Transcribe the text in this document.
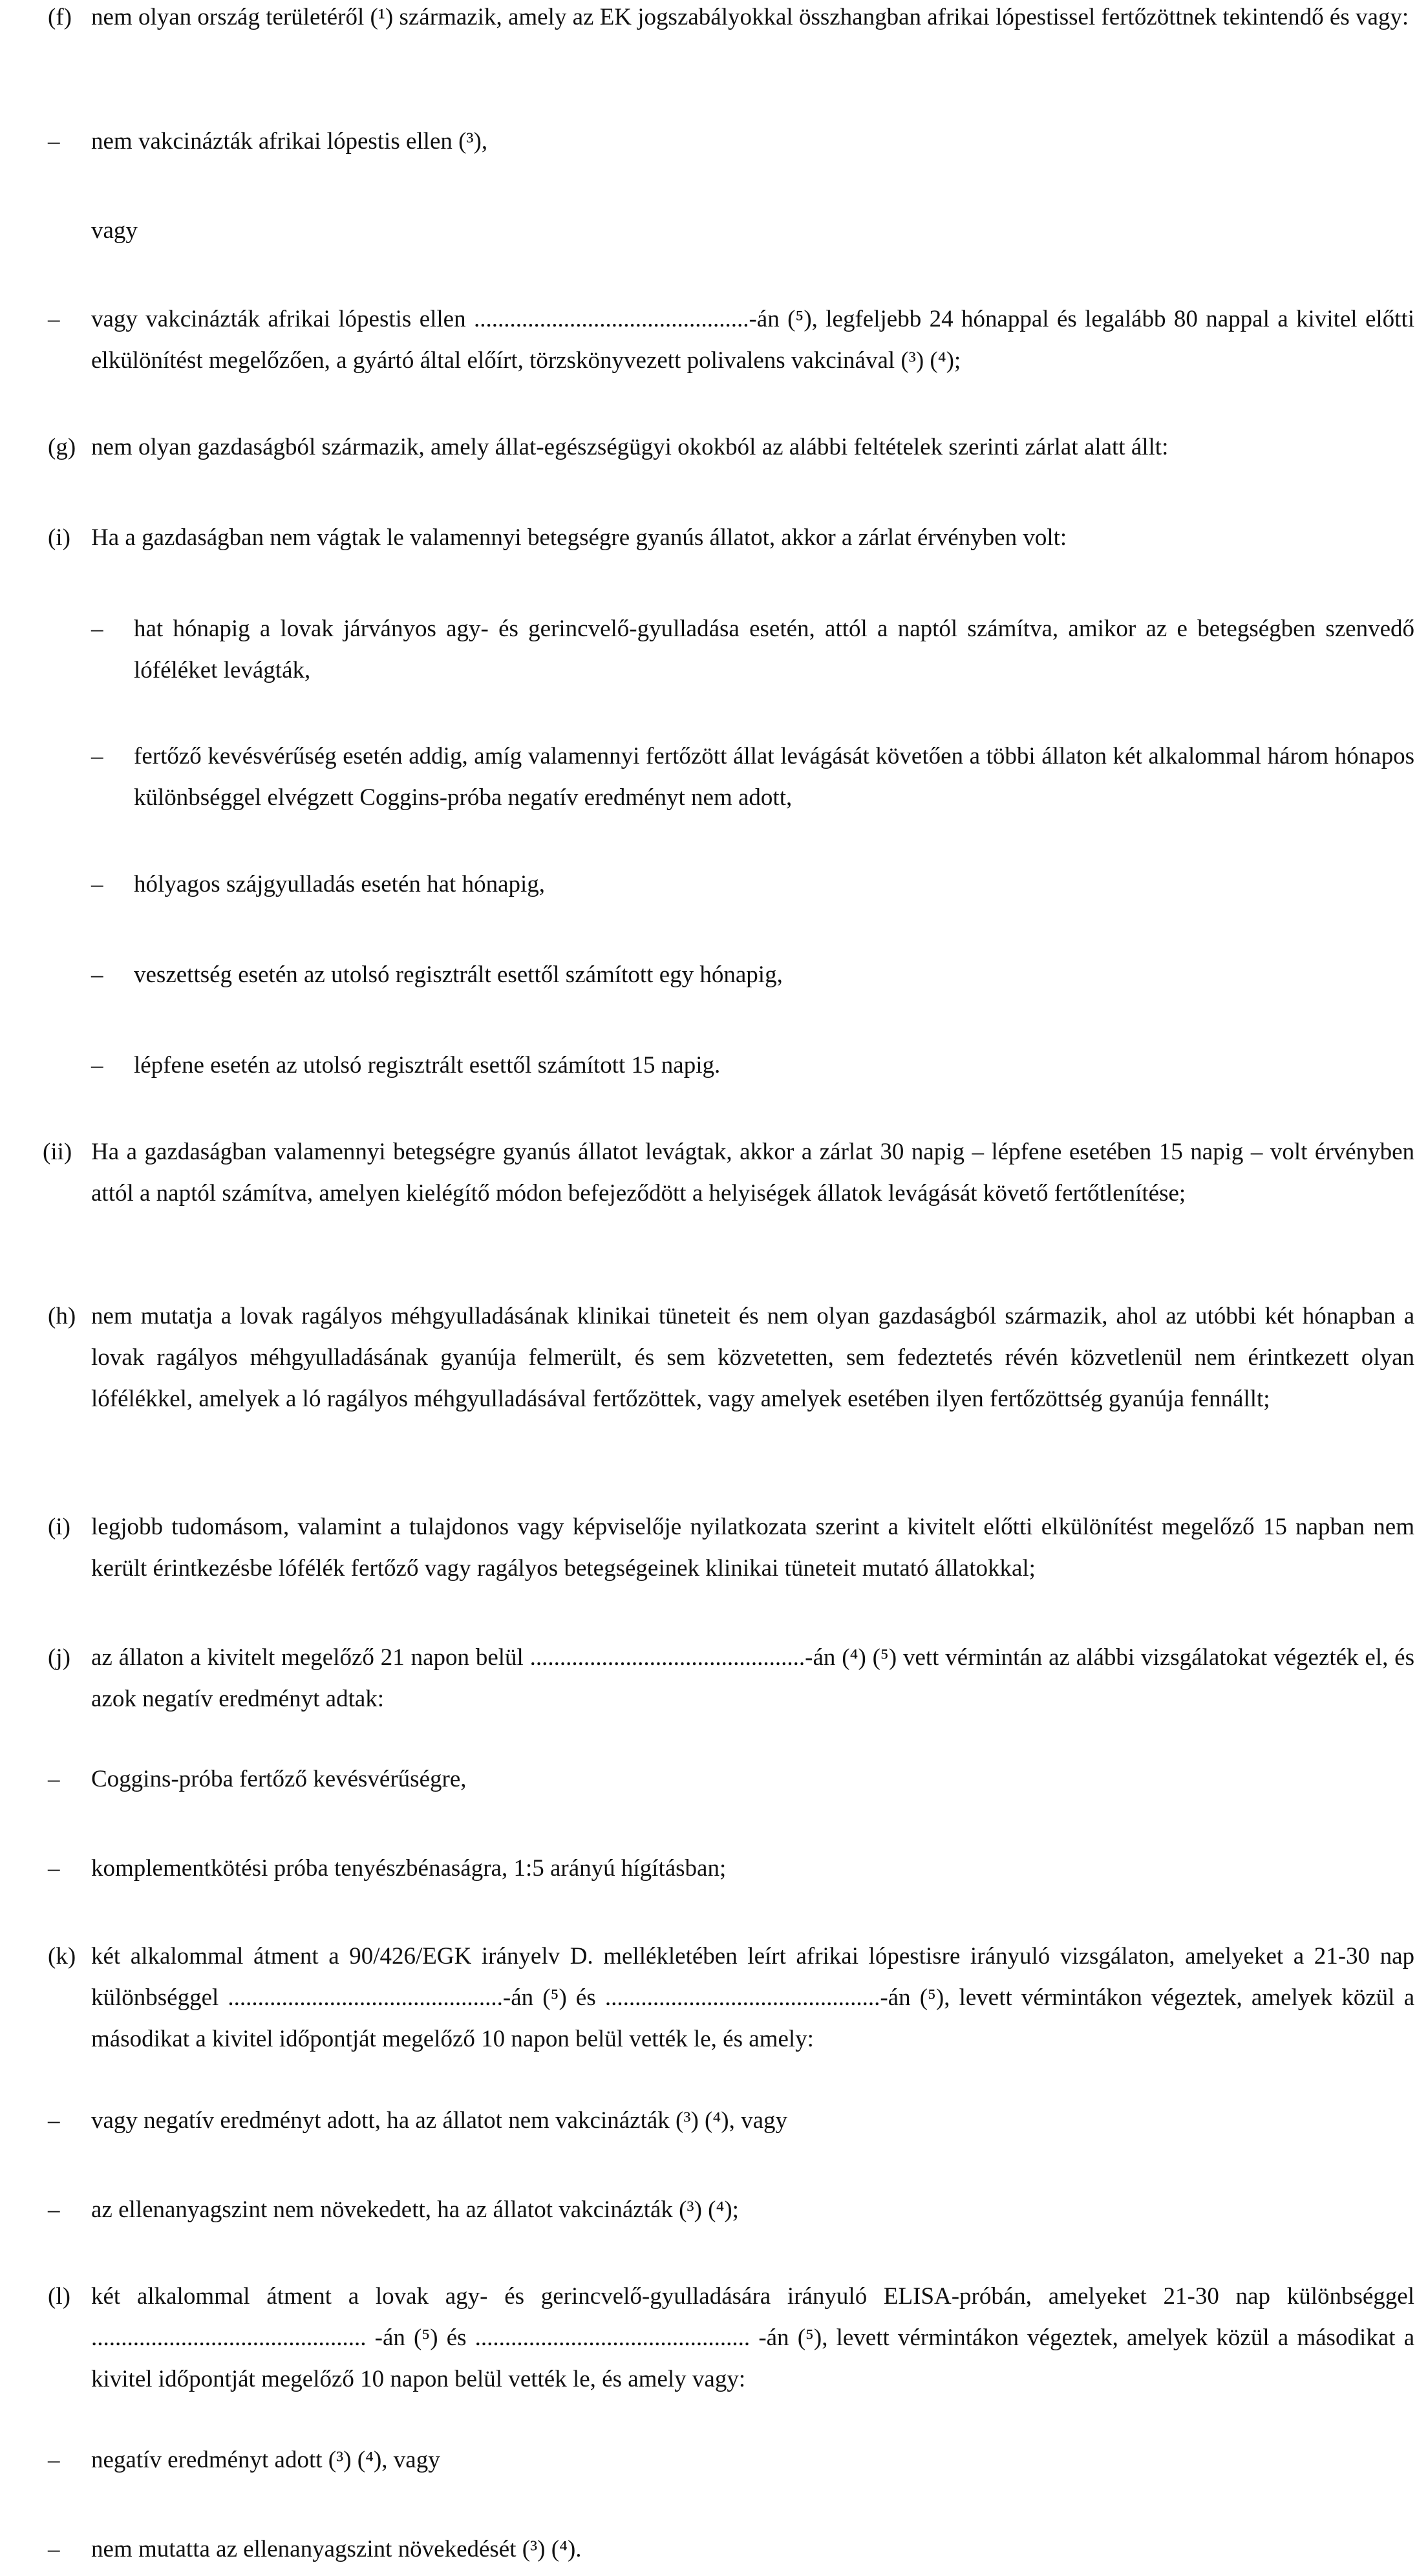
(f) nem olyan ország területéről (¹) származik, amely az EK jogszabályokkal összhangban afrikai lópestissel fertőzöttnek tekintendő és vagy:

– nem vakcinázták afrikai lópestis ellen (³),

vagy

– vagy vakcinázták afrikai lópestis ellen ..............................................-án (⁵), legfeljebb 24 hónappal és legalább 80 nappal a kivitel előtti elkülönítést megelőzően, a gyártó által előírt, törzskönyvezett polivalens vakcinával (³) (⁴);

(g) nem olyan gazdaságból származik, amely állat-egészségügyi okokból az alábbi feltételek szerinti zárlat alatt állt:

(i) Ha a gazdaságban nem vágtak le valamennyi betegségre gyanús állatot, akkor a zárlat érvényben volt:

– hat hónapig a lovak járványos agy- és gerincvelő-gyulladása esetén, attól a naptól számítva, amikor az e betegségben szenvedő lóféléket levágták,

– fertőző kevésvérűség esetén addig, amíg valamennyi fertőzött állat levágását követően a többi állaton két alkalommal három hónapos különbséggel elvégzett Coggins-próba negatív eredményt nem adott,

– hólyagos szájgyulladás esetén hat hónapig,

– veszettség esetén az utolsó regisztrált esettől számított egy hónapig,

– lépfene esetén az utolsó regisztrált esettől számított 15 napig.

(ii) Ha a gazdaságban valamennyi betegségre gyanús állatot levágtak, akkor a zárlat 30 napig – lépfene esetében 15 napig – volt érvényben attól a naptól számítva, amelyen kielégítő módon befejeződött a helyiségek állatok levágását követő fertőtlenítése;

(h) nem mutatja a lovak ragályos méhgyulladásának klinikai tüneteit és nem olyan gazdaságból származik, ahol az utóbbi két hónapban a lovak ragályos méhgyulladásának gyanúja felmerült, és sem közvetetten, sem fedeztetés révén közvetlenül nem érintkezett olyan lófélékkel, amelyek a ló ragályos méhgyulladásával fertőzöttek, vagy amelyek esetében ilyen fertőzöttség gyanúja fennállt;

(i) legjobb tudomásom, valamint a tulajdonos vagy képviselője nyilatkozata szerint a kivitelt előtti elkülönítést megelőző 15 napban nem került érintkezésbe lófélék fertőző vagy ragályos betegségeinek klinikai tüneteit mutató állatokkal;

(j) az állaton a kivitelt megelőző 21 napon belül ..............................................-án (⁴) (⁵) vett vérmintán az alábbi vizsgálatokat végezték el, és azok negatív eredményt adtak:

– Coggins-próba fertőző kevésvérűségre,

– komplementkötési próba tenyészbénaságra, 1:5 arányú hígításban;

(k) két alkalommal átment a 90/426/EGK irányelv D. mellékletében leírt afrikai lópestisre irányuló vizsgálaton, amelyeket a 21-30 nap különbséggel ..............................................-án (⁵) és ..............................................-án (⁵), levett vérmintákon végeztek, amelyek közül a másodikat a kivitel időpontját megelőző 10 napon belül vették le, és amely:

– vagy negatív eredményt adott, ha az állatot nem vakcinázták (³) (⁴), vagy

– az ellenanyagszint nem növekedett, ha az állatot vakcinázták (³) (⁴);

(l) két alkalommal átment a lovak agy- és gerincvelő-gyulladására irányuló ELISA-próbán, amelyeket 21-30 nap különbséggel .............................................. -án (⁵) és .............................................. -án (⁵), levett vérmintákon végeztek, amelyek közül a másodikat a kivitel időpontját megelőző 10 napon belül vették le, és amely vagy:

– negatív eredményt adott (³) (⁴), vagy

– nem mutatta az ellenanyagszint növekedését (³) (⁴).
